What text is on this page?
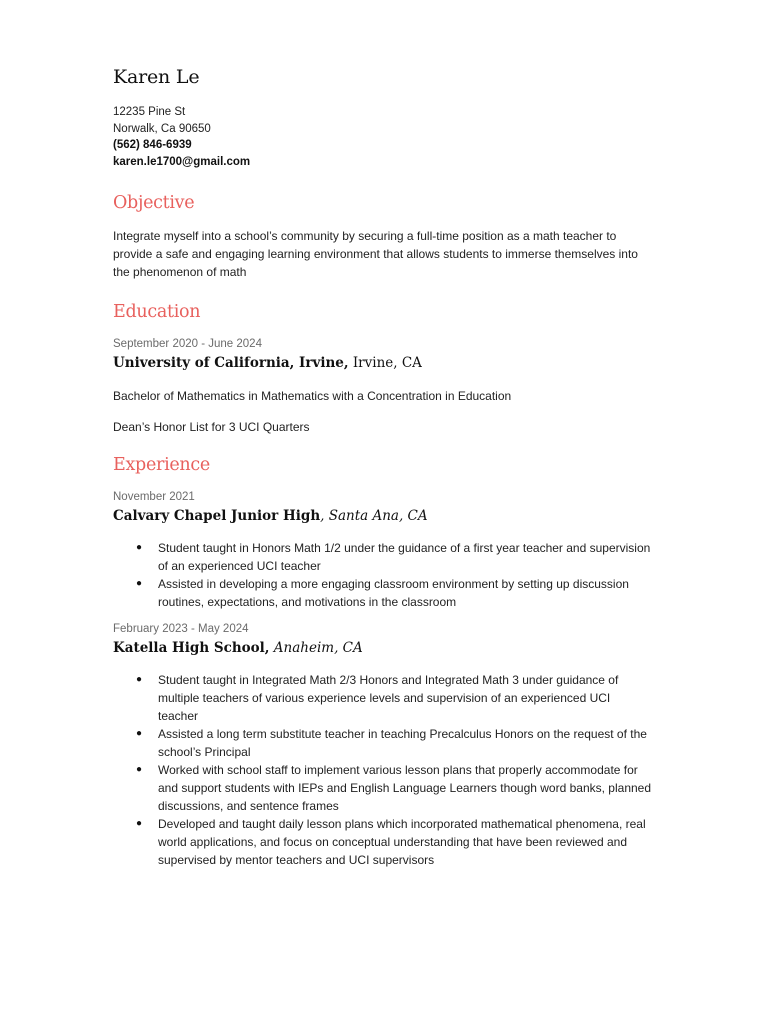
Karen Le
12235 Pine St
Norwalk, Ca 90650
(562) 846-6939
karen.le1700@gmail.com
Objective

Integrate myself into a school’s community by securing a full-time position as a math teacher to provide a safe and engaging learning environment that allows students to immerse themselves into the phenomenon of math

Education
September 2020 - June 2024
University of California, Irvine, Irvine, CA
Bachelor of Mathematics in Mathematics with a Concentration in Education
Dean’s Honor List for 3 UCI Quarters
Experience
November 2021
Calvary Chapel Junior High, Santa Ana, CA
● Student taught in Honors Math 1/2 under the guidance of a first year teacher and supervision of an experienced UCI teacher
● Assisted in developing a more engaging classroom environment by setting up discussion routines, expectations, and motivations in the classroom
February 2023 - May 2024
Katella High School, Anaheim, CA
● Student taught in Integrated Math 2/3 Honors and Integrated Math 3 under guidance of multiple teachers of various experience levels and supervision of an experienced UCI teacher
● Assisted a long term substitute teacher in teaching Precalculus Honors on the request of the school’s Principal
● Worked with school staff to implement various lesson plans that properly accommodate for and support students with IEPs and English Language Learners though word banks, planned discussions, and sentence frames
● Developed and taught daily lesson plans which incorporated mathematical phenomena, real world applications, and focus on conceptual understanding that have been reviewed and supervised by mentor teachers and UCI supervisors
